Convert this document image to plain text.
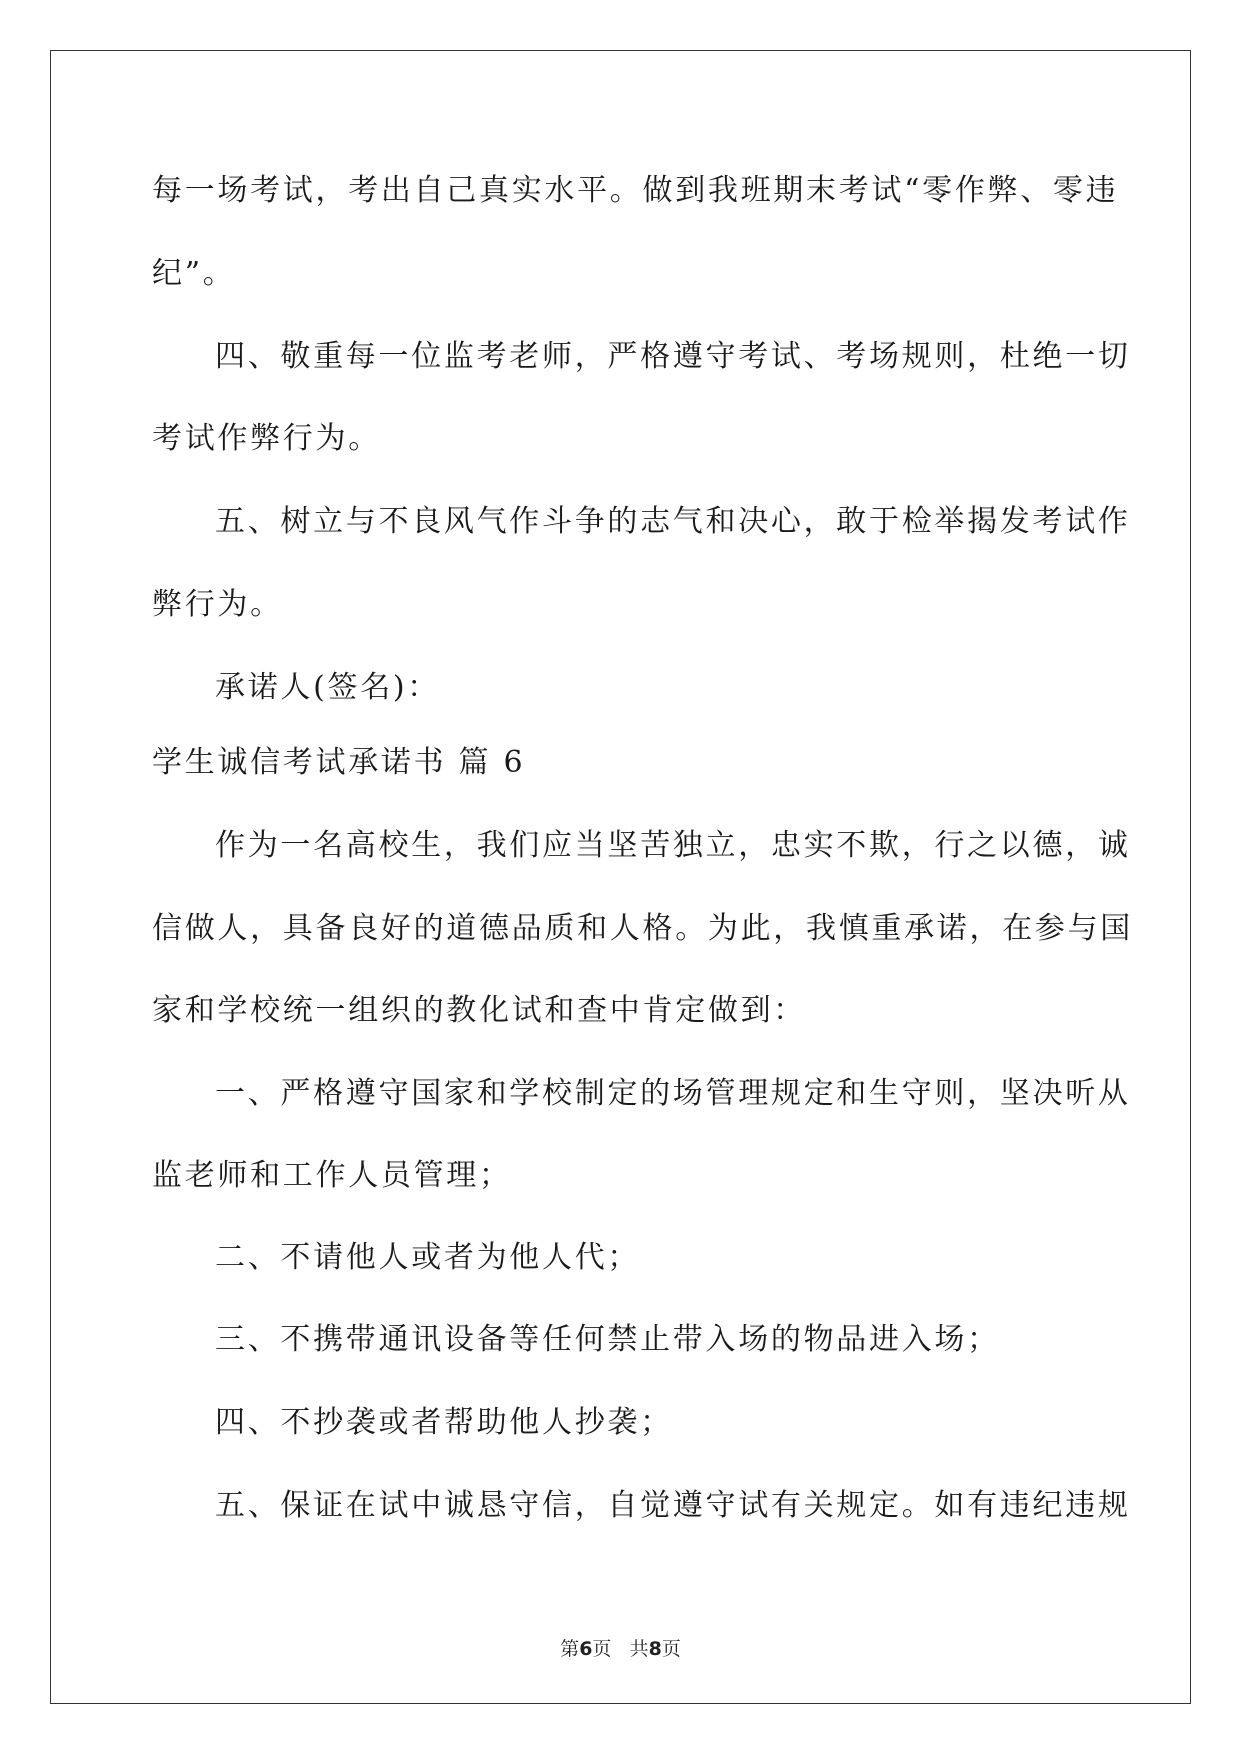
每一场考试，考出自己真实水平。做到我班期末考试“零作弊、零违
纪”。
四、敬重每一位监考老师，严格遵守考试、考场规则，杜绝一切
考试作弊行为。
五、树立与不良风气作斗争的志气和决心，敢于检举揭发考试作
弊行为。
承诺人(签名)：
学生诚信考试承诺书 篇 6
作为一名高校生，我们应当坚苦独立，忠实不欺，行之以德，诚
信做人，具备良好的道德品质和人格。为此，我慎重承诺，在参与国
家和学校统一组织的教化试和查中肯定做到：
一、严格遵守国家和学校制定的场管理规定和生守则，坚决听从
监老师和工作人员管理；
二、不请他人或者为他人代；
三、不携带通讯设备等任何禁止带入场的物品进入场；
四、不抄袭或者帮助他人抄袭；
五、保证在试中诚恳守信，自觉遵守试有关规定。如有违纪违规
第6页 共8页
